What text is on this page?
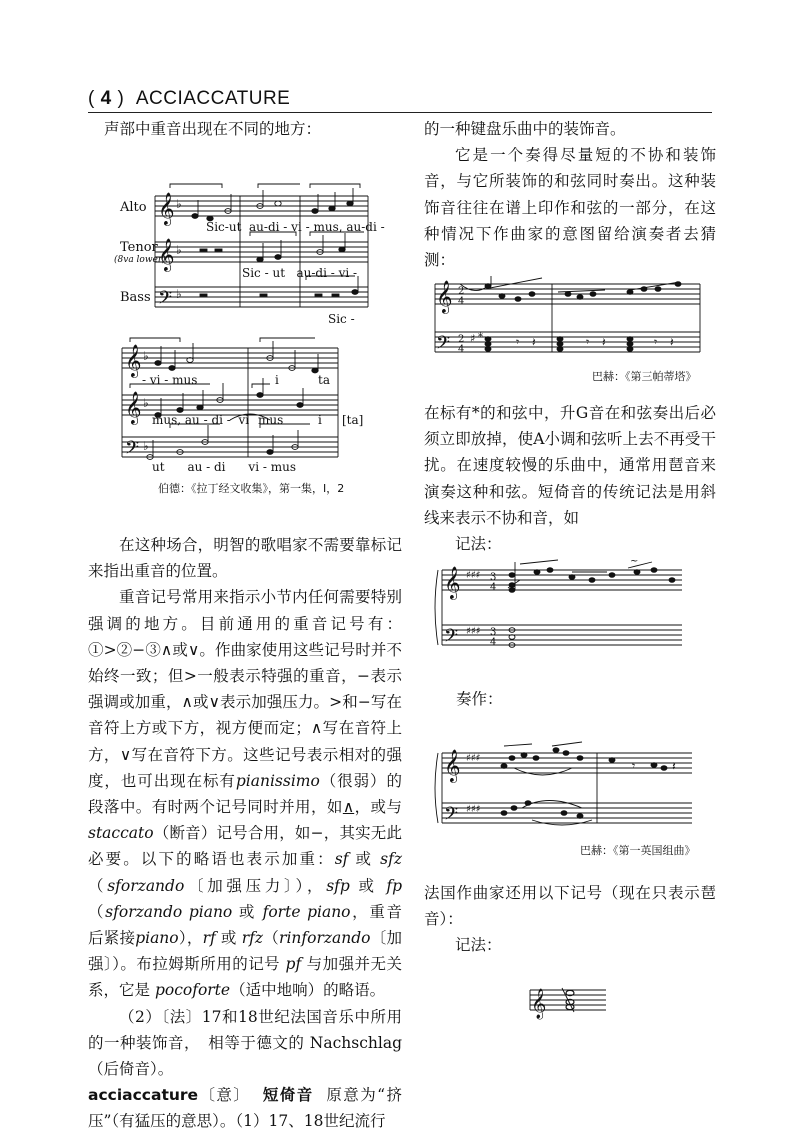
( 4 )  ACCIACCATURE

声部中重音出现在不同的地方：

𝄞
𝄞
𝄢
𝄞
𝄞
𝄢
♭
♭
♭
♭
♭
♭
Alto
Tenor
(8va lower)
Bass
Sic-ut  au-di - vi - mus, au-di -
Sic - ut   au-di - vi -
Sic -
- vi - mus	i	ta
mus, au - di -  vi mus	i [ta]
ut      au - di      vi - mus
伯德：《拉丁经文收集》，第一集，Ⅰ，2

在这种场合，明智的歌唱家不需要靠标记来指出重音的位置。

重音记号常用来指示小节内任何需要特别强调的地方。目前通用的重音记号有：①>②−③∧或∨。作曲家使用这些记号时并不始终一致；但>一般表示特强的重音，−表示强调或加重，∧或∨表示加强压力。>和−写在音符上方或下方，视方便而定；∧写在音符上方，∨写在音符下方。这些记号表示相对的强度，也可出现在标有pianissimo（很弱）的段落中。有时两个记号同时并用，如∧，或与staccato（断音）记号合用，如−，其实无此必要。以下的略语也表示加重：sf 或 sfz（sforzando〔加强压力〕），sfp 或 fp（sforzando piano 或 forte piano，重音后紧接piano），rf 或 rfz（rinforzando〔加强〕）。布拉姆斯所用的记号 pf 与加强并无关系，它是 pocoforte（适中地响）的略语。

（2）〔法〕17和18世纪法国音乐中所用的一种装饰音，　相等于德文的 Nachschlag（后倚音）。

acciaccature〔意〕 短倚音 原意为“挤压”（有猛压的意思）。（1）17、18世纪流行

的一种键盘乐曲中的装饰音。

它是一个奏得尽量短的不协和装饰音，与它所装饰的和弦同时奏出。这种装饰音往往在谱上印作和弦的一部分，在这种情况下作曲家的意图留给演奏者去猜测：

𝄞
𝄢
2
4
2
4
*
♯	𝄾 𝄽	𝄾 𝄽	𝄾 𝄽
巴赫：《第三帕蒂塔》

在标有*的和弦中，升G音在和弦奏出后必须立即放掉，使A小调和弦听上去不再受干扰。在速度较慢的乐曲中，通常用琶音来演奏这种和弦。短倚音的传统记法是用斜线来表示不协和音，如

记法：

𝄞
𝄢
♯♯♯
♯♯♯
3
4
3
4
~
奏作：
𝄞
𝄢
♯♯♯
♯♯♯
𝄾	𝄽
巴赫：《第一英国组曲》

法国作曲家还用以下记号（现在只表示琶音）：

记法：

𝄞
